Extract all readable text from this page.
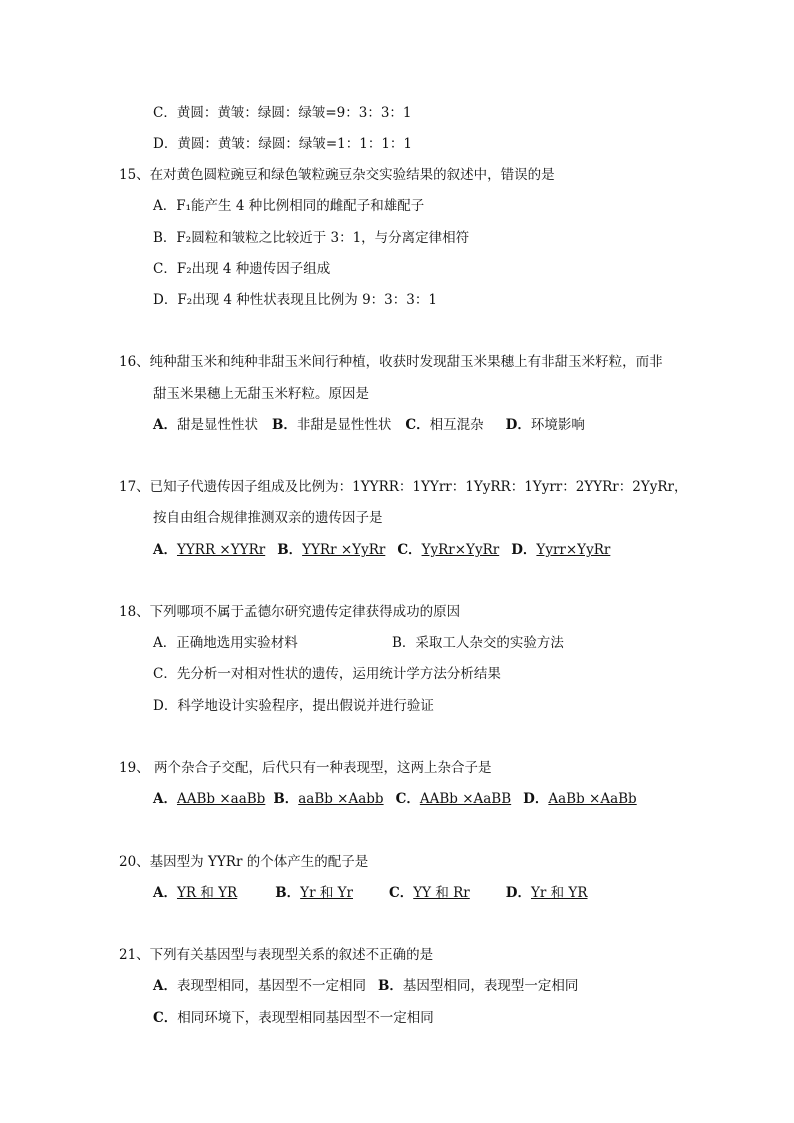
C．黄圆：黄皱：绿圆：绿皱=9：3：3：1
D．黄圆：黄皱：绿圆：绿皱=1：1：1：1
15、在对黄色圆粒豌豆和绿色皱粒豌豆杂交实验结果的叙述中，错误的是
A．F₁能产生 4 种比例相同的雌配子和雄配子
B．F₂圆粒和皱粒之比较近于 3：1，与分离定律相符
C．F₂出现 4 种遗传因子组成
D．F₂出现 4 种性状表现且比例为 9：3：3：1
16、纯种甜玉米和纯种非甜玉米间行种植，收获时发现甜玉米果穗上有非甜玉米籽粒，而非
甜玉米果穗上无甜玉米籽粒。原因是
A．甜是显性性状 B．非甜是显性性状 C．相互混杂 D．环境影响
17、已知子代遗传因子组成及比例为：1YYRR：1YYrr：1YyRR：1Yyrr：2YYRr：2YyRr，
按自由组合规律推测双亲的遗传因子是
A．YYRR ×YYRr B．YYRr ×YyRr C．YyRr×YyRr D．Yyrr×YyRr
18、下列哪项不属于孟德尔研究遗传定律获得成功的原因
A．正确地选用实验材料	B．采取工人杂交的实验方法
C．先分析一对相对性状的遗传，运用统计学方法分析结果
D．科学地设计实验程序，提出假说并进行验证
19、 两个杂合子交配，后代只有一种表现型，这两上杂合子是
A．AABb ×aaBb B．aaBb ×Aabb C．AABb ×AaBB D．AaBb ×AaBb
20、基因型为 YYRr 的个体产生的配子是
A．YR 和 YR	B．Yr 和 Yr	C．YY 和 Rr	D．Yr 和 YR
21、下列有关基因型与表现型关系的叙述不正确的是
A．表现型相同，基因型不一定相同 B．基因型相同，表现型一定相同
C．相同环境下，表现型相同基因型不一定相同
